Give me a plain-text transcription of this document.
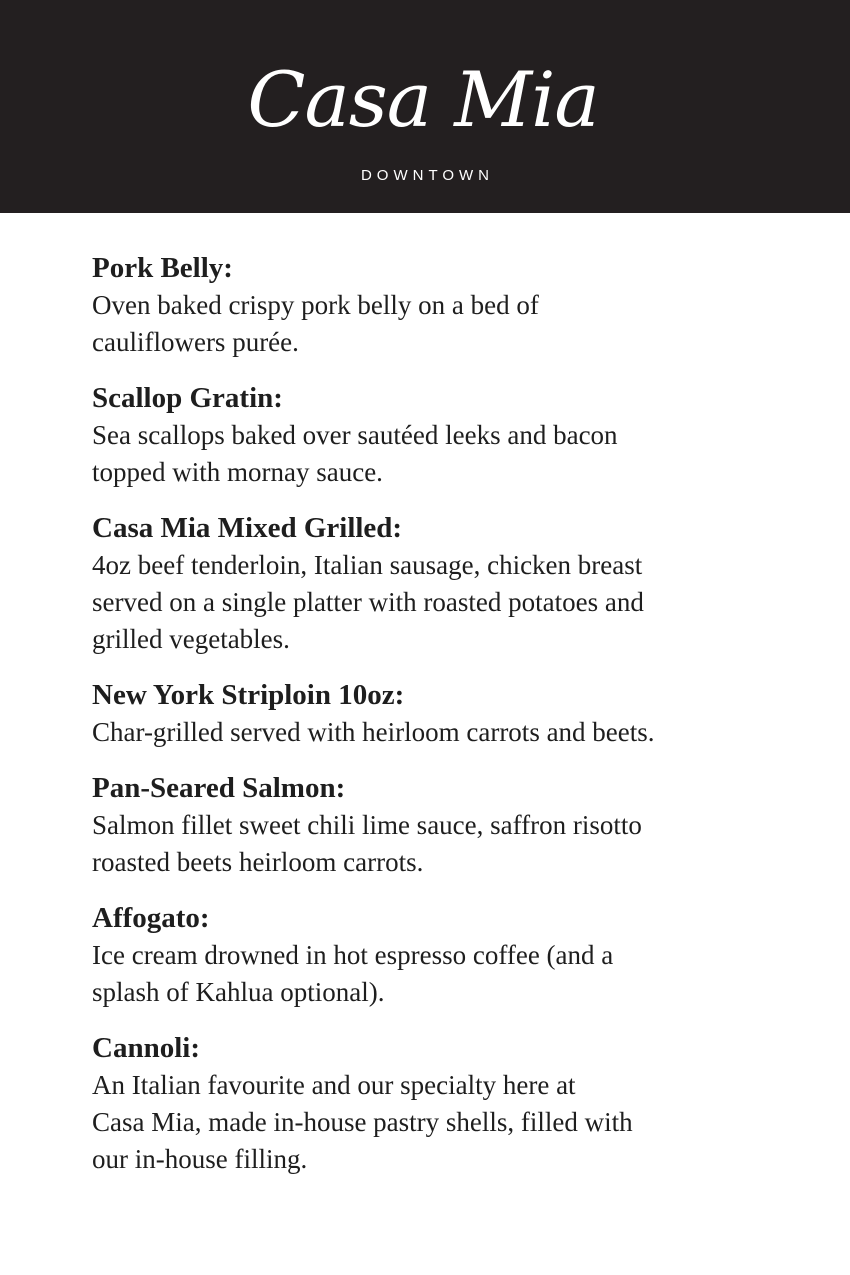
Casa Mia
DOWNTOWN

Pork Belly:

Oven baked crispy pork belly on a bed of

cauliflowers purée.

Scallop Gratin:

Sea scallops baked over sautéed leeks and bacon

topped with mornay sauce.

Casa Mia Mixed Grilled:

4oz beef tenderloin, Italian sausage, chicken breast

served on a single platter with roasted potatoes and

grilled vegetables.

New York Striploin 10oz:

Char-grilled served with heirloom carrots and beets.

Pan-Seared Salmon:

Salmon fillet sweet chili lime sauce, saffron risotto

roasted beets heirloom carrots.

Affogato:

Ice cream drowned in hot espresso coffee (and a

splash of Kahlua optional).

Cannoli:

An Italian favourite and our specialty here at

Casa Mia, made in-house pastry shells, filled with

our in-house filling.
